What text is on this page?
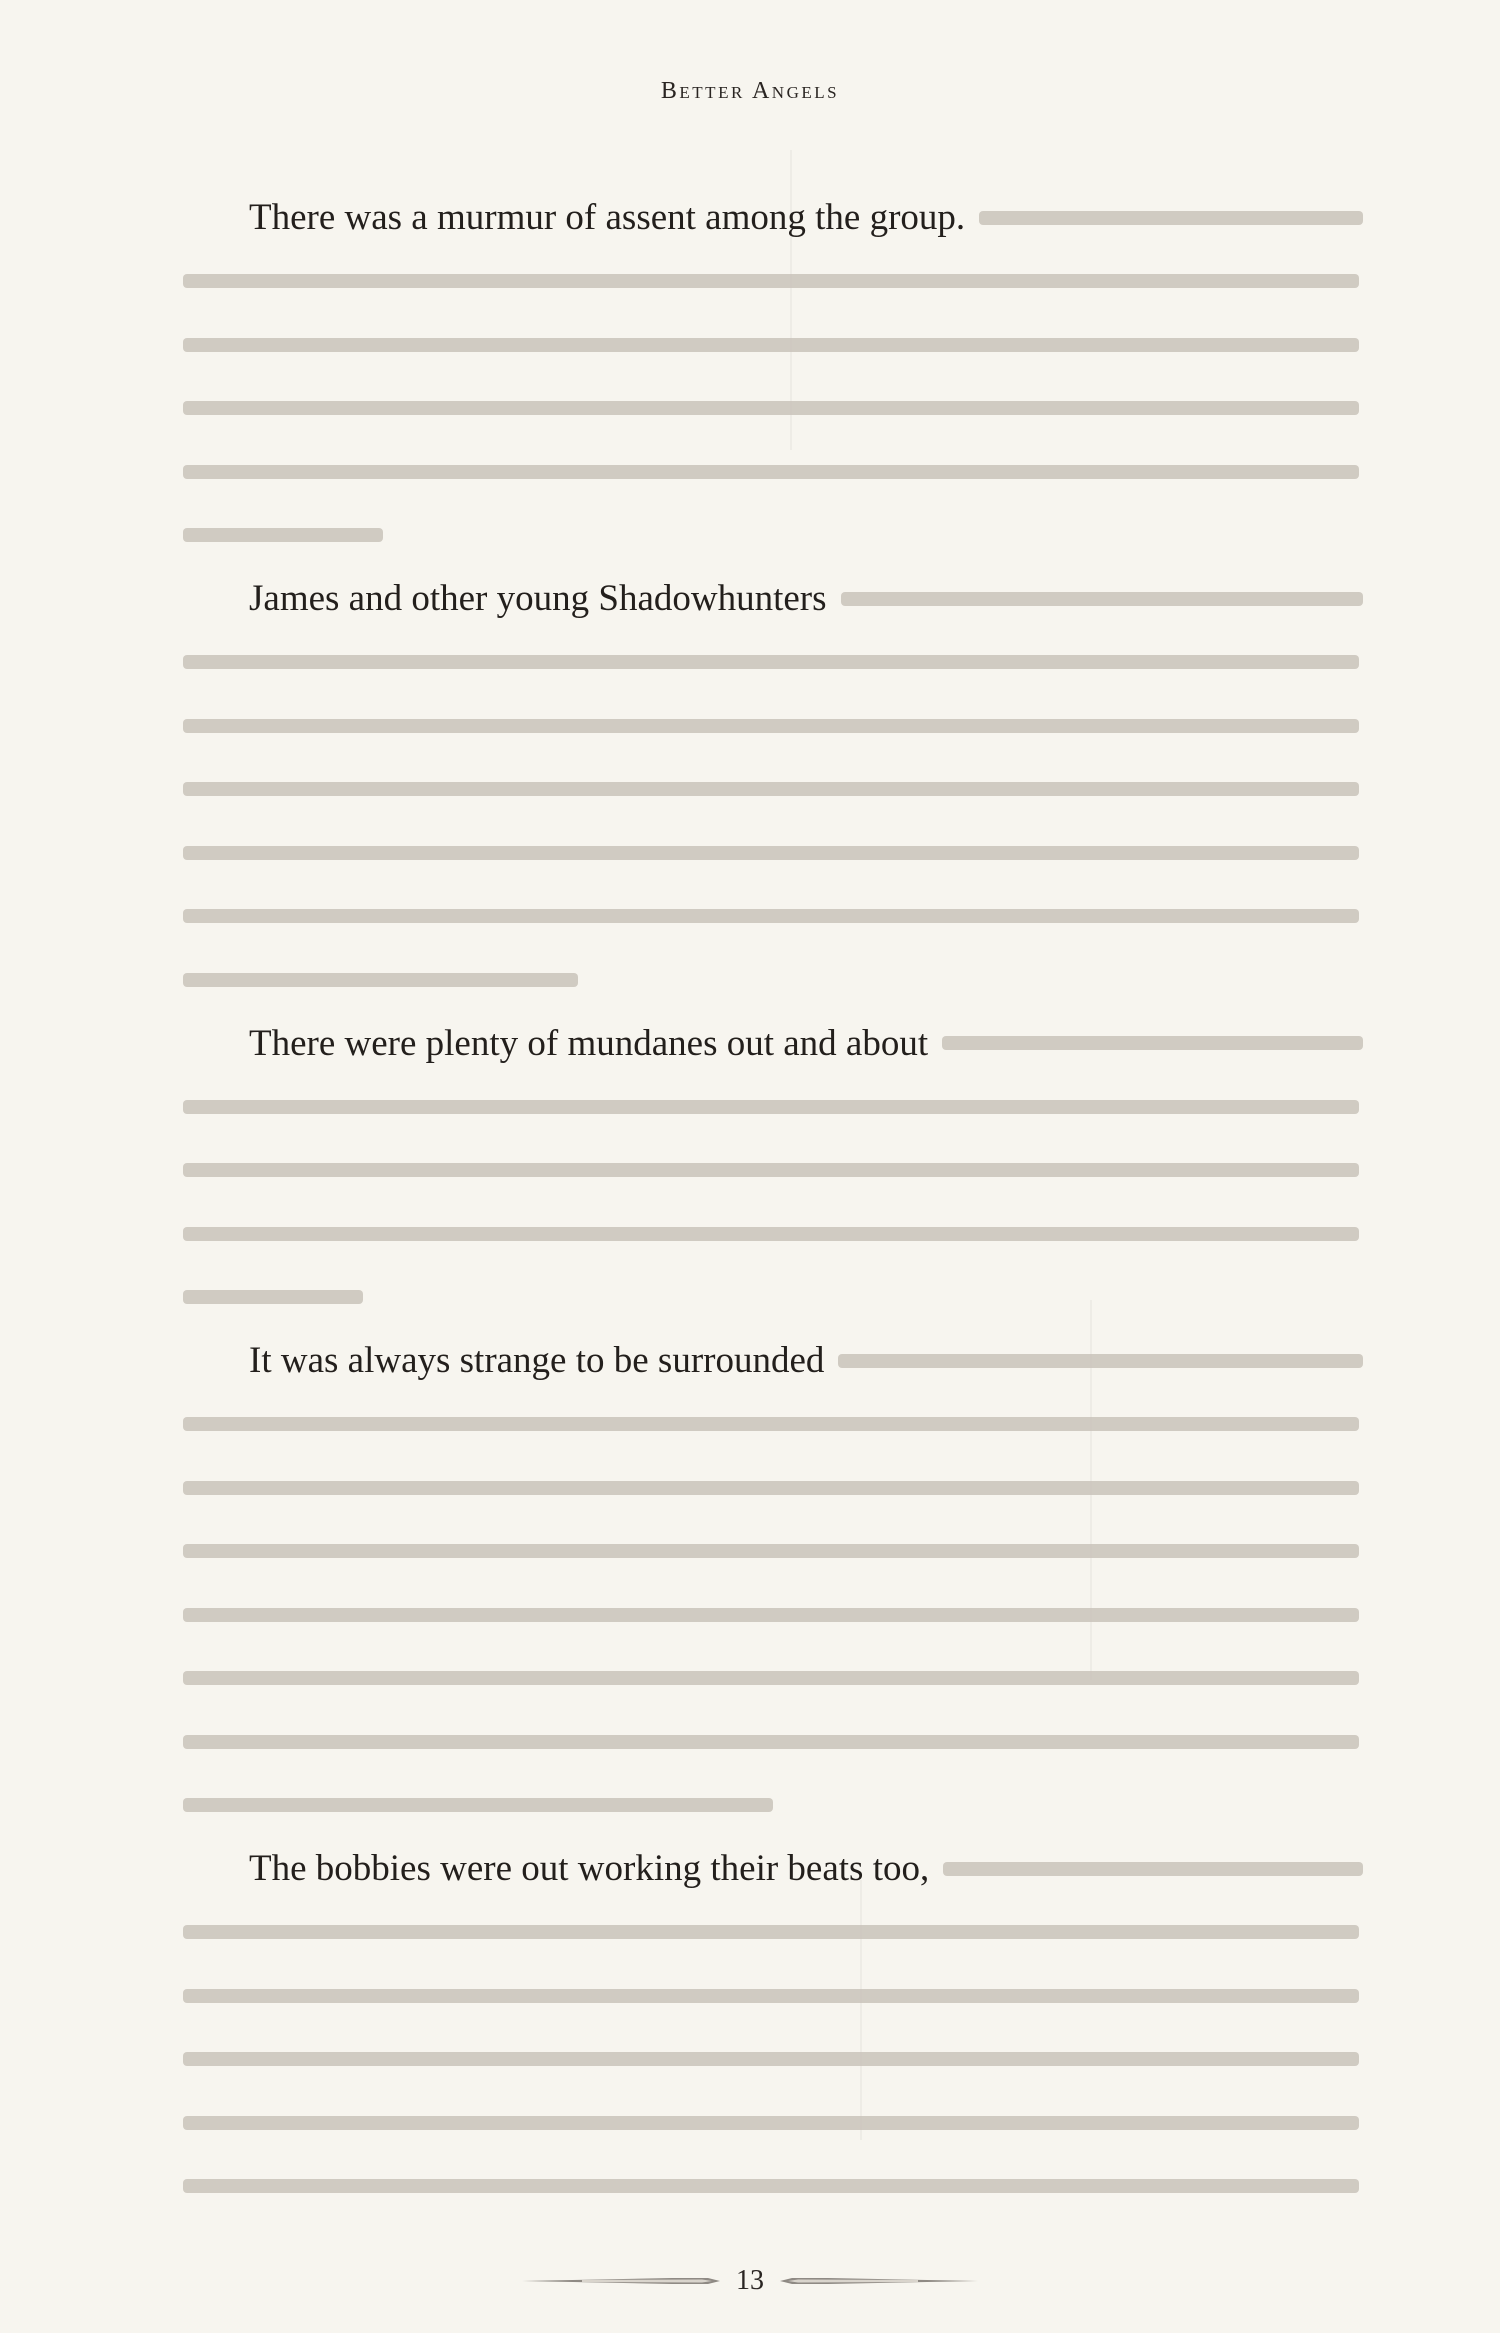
Better Angels
There was a murmur of assent among the group.
James and other young Shadowhunters
There were plenty of mundanes out and about
It was always strange to be surrounded
The bobbies were out working their beats too,
13
